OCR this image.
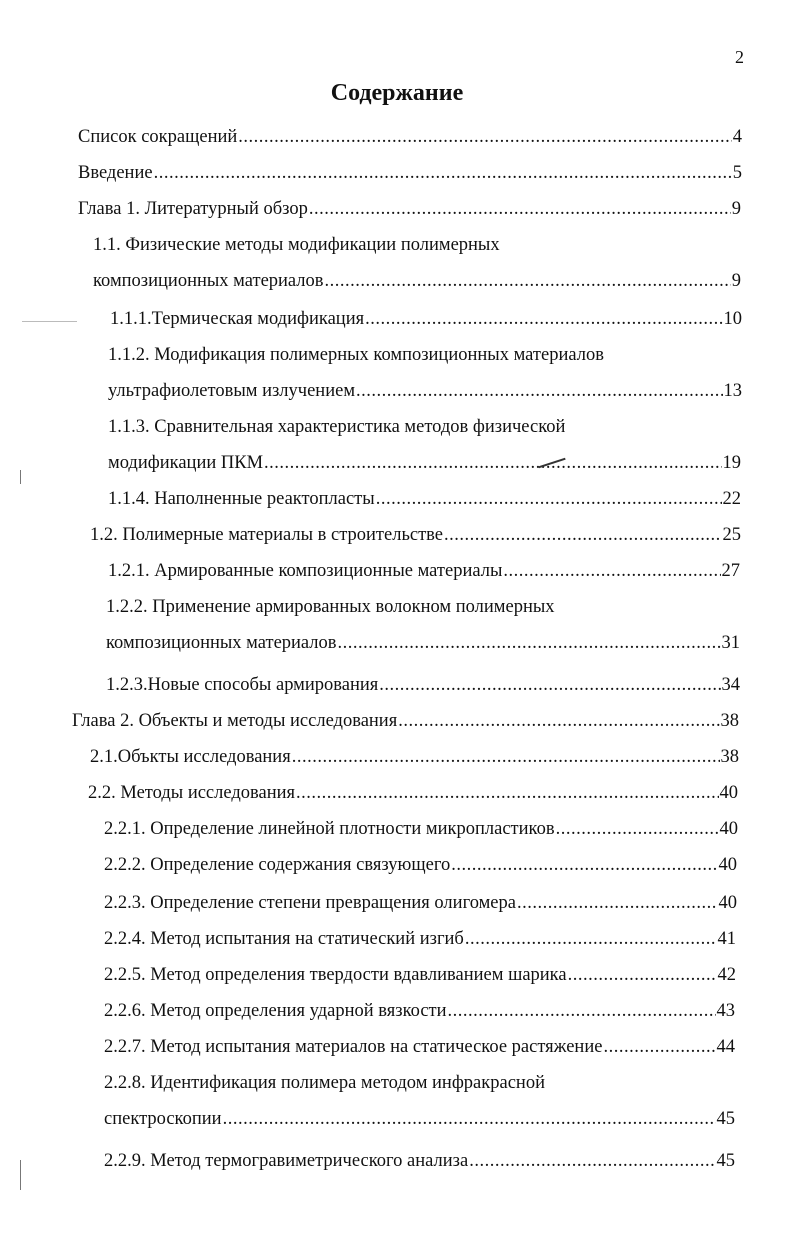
2
Содержание
Список сокращений .....	4
Введение .....	5
Глава 1. Литературный обзор .....	9
1.1. Физические методы модификации полимерных
композиционных материалов .....	9
1.1.1.Термическая модификация .....	10
1.1.2. Модификация полимерных композиционных материалов
ультрафиолетовым излучением .....	13
1.1.3. Сравнительная характеристика методов физической
модификации ПКМ .....	19
1.1.4. Наполненные реактопласты .....	22
1.2. Полимерные материалы в строительстве .....	25
1.2.1. Армированные композиционные материалы .....	27
1.2.2. Применение армированных волокном полимерных
композиционных материалов .....	31
1.2.3.Новые способы армирования .....	34
Глава 2. Объекты и методы исследования .....	38
2.1.Объкты исследования .....	38
2.2. Методы исследования .....	40
2.2.1. Определение линейной плотности микропластиков .....	40
2.2.2. Определение содержания связующего .....	40
2.2.3. Определение степени превращения олигомера .....	40
2.2.4. Метод испытания на статический изгиб .....	41
2.2.5. Метод определения твердости вдавливанием шарика .....	42
2.2.6. Метод определения ударной вязкости .....	43
2.2.7. Метод испытания материалов на статическое растяжение .....	44
2.2.8. Идентификация полимера методом инфракрасной
спектроскопии .....	45
2.2.9. Метод термогравиметрического анализа .....	45
